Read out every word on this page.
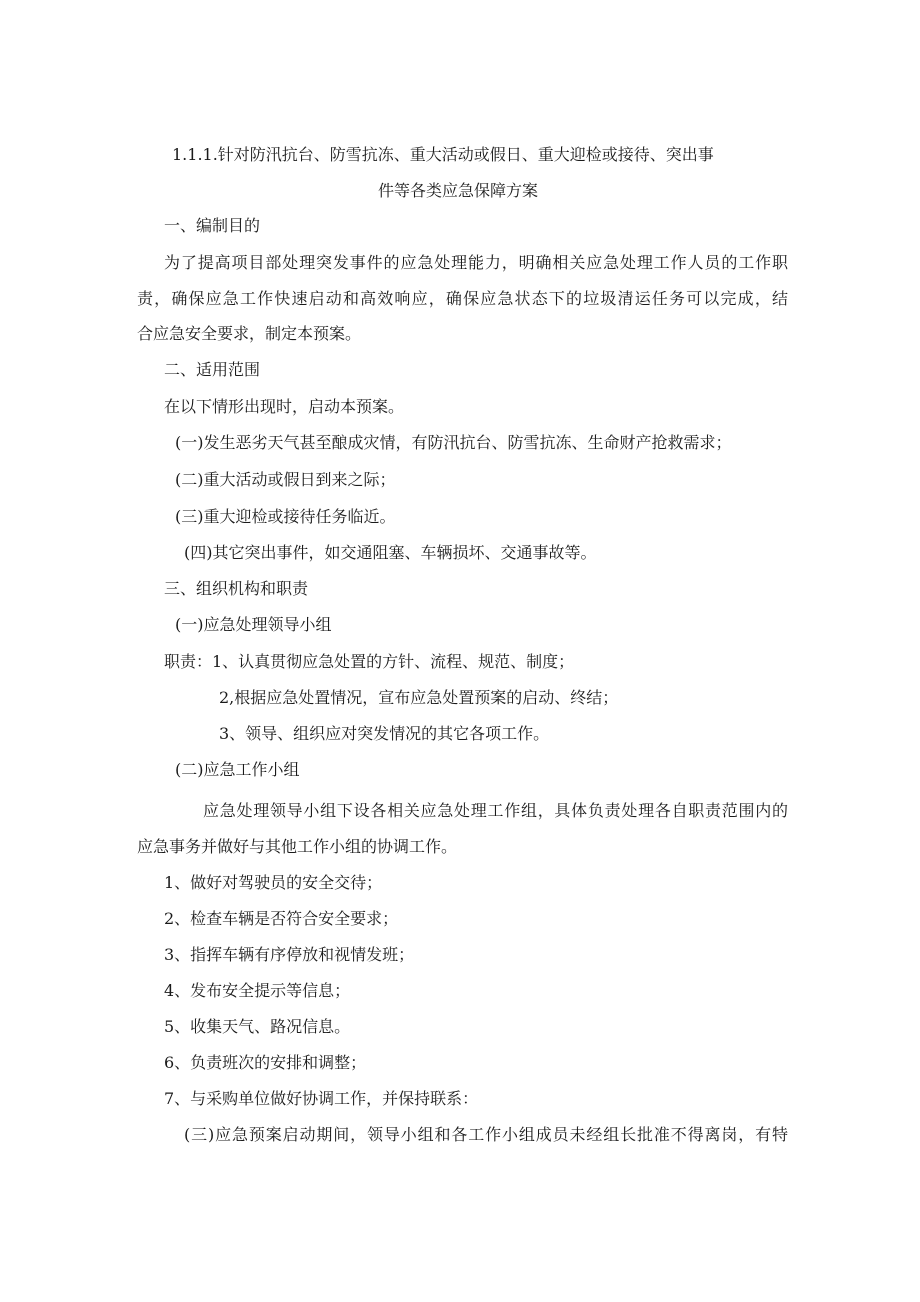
1.1.1.针对防汛抗台、防雪抗冻、重大活动或假日、重大迎检或接待、突出事
件等各类应急保障方案
一、编制目的
为了提高项目部处理突发事件的应急处理能力，明确相关应急处理工作人员的工作职
责，确保应急工作快速启动和高效响应，确保应急状态下的垃圾清运任务可以完成，结
合应急安全要求，制定本预案。
二、适用范围
在以下情形出现时，启动本预案。
(一)发生恶劣天气甚至酿成灾情，有防汛抗台、防雪抗冻、生命财产抢救需求；
(二)重大活动或假日到来之际；
(三)重大迎检或接待任务临近。
(四)其它突出事件，如交通阻塞、车辆损坏、交通事故等。
三、组织机构和职责
(一)应急处理领导小组
职责：1、认真贯彻应急处置的方针、流程、规范、制度；
2,根据应急处置情况，宣布应急处置预案的启动、终结；
3、领导、组织应对突发情况的其它各项工作。
(二)应急工作小组
应急处理领导小组下设各相关应急处理工作组，具体负责处理各自职责范围内的
应急事务并做好与其他工作小组的协调工作。
1、做好对驾驶员的安全交待；
2、检查车辆是否符合安全要求；
3、指挥车辆有序停放和视情发班；
4、发布安全提示等信息；
5、收集天气、路况信息。
6、负责班次的安排和调整；
7、与采购单位做好协调工作，并保持联系：
(三)应急预案启动期间，领导小组和各工作小组成员未经组长批准不得离岗，有特
